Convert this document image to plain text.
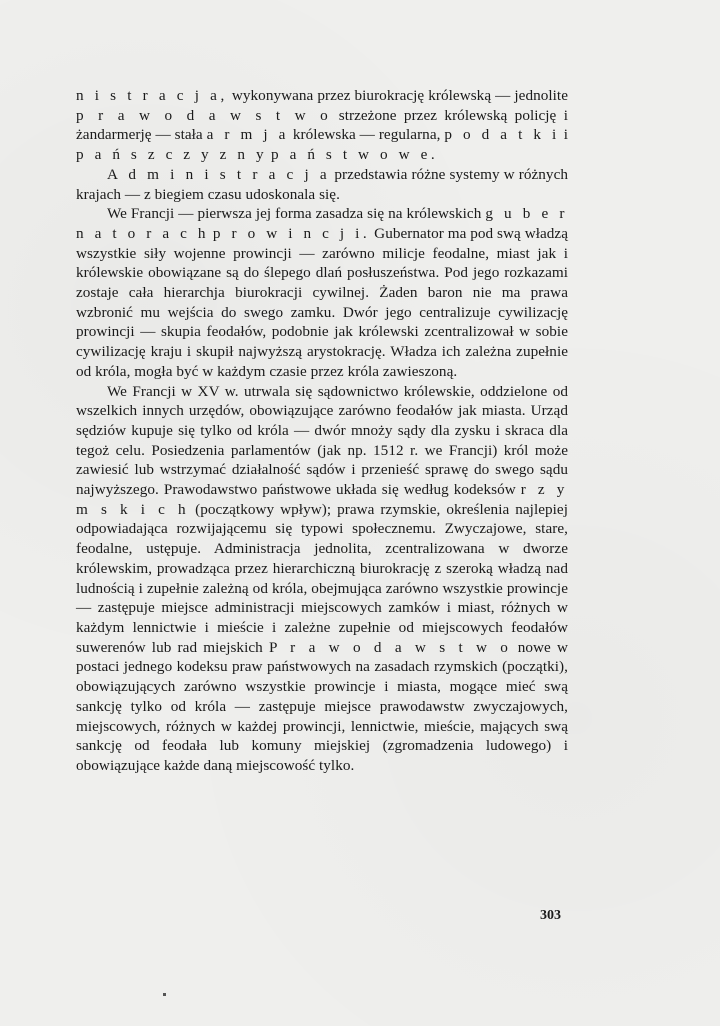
n i s t r a c j a, wykonywana przez biurokrację królewską — jednolite p r a w o d a w s t w o strzeżone przez królewską policję i żandarmerję — stała a r m j a królewska — regularna, p o d a t k i i p a ń s z c z y z n y p a ń s t w o w e.

A d m i n i s t r a c j a przedstawia różne systemy w różnych krajach — z biegiem czasu udoskonala się.

We Francji — pierwsza jej forma zasadza się na królewskich g u b e r n a t o r a c h p r o w i n c j i. Gubernator ma pod swą władzą wszystkie siły wojenne prowincji — zarówno milicje feodalne, miast jak i królewskie obowiązane są do ślepego dlań posłuszeństwa. Pod jego rozkazami zostaje cała hierarchja biurokracji cywilnej. Żaden baron nie ma prawa wzbronić mu wejścia do swego zamku. Dwór jego centralizuje cywilizację prowincji — skupia feodałów, podobnie jak królewski zcentralizował w sobie cywilizację kraju i skupił najwyższą arystokrację. Władza ich zależna zupełnie od króla, mogła być w każdym czasie przez króla zawieszoną.

We Francji w XV w. utrwala się sądownictwo królewskie, oddzielone od wszelkich innych urzędów, obowiązujące zarówno feodałów jak miasta. Urząd sędziów kupuje się tylko od króla — dwór mnoży sądy dla zysku i skraca dla tegoż celu. Posiedzenia parlamentów (jak np. 1512 r. we Francji) król może zawiesić lub wstrzymać działalność sądów i przenieść sprawę do swego sądu najwyższego. Prawodawstwo państwowe układa się według kodeksów r z y m s k i c h (początkowy wpływ); prawa rzymskie, określenia najlepiej odpowiadająca rozwijającemu się typowi społecznemu. Zwyczajowe, stare, feodalne, ustępuje. Administracja jednolita, zcentralizowana w dworze królewskim, prowadząca przez hierarchiczną biurokrację z szeroką władzą nad ludnością i zupełnie zależną od króla, obejmująca zarówno wszystkie prowincje — zastępuje miejsce administracji miejscowych zamków i miast, różnych w każdym lennictwie i mieście i zależne zupełnie od miejscowych feodałów suwerenów lub rad miejskich P r a w o d a w s t w o nowe w postaci jednego kodeksu praw państwowych na zasadach rzymskich (początki), obowiązujących zarówno wszystkie prowincje i miasta, mogące mieć swą sankcję tylko od króla — zastępuje miejsce prawodawstw zwyczajowych, miejscowych, różnych w każdej prowincji, lennictwie, mieście, mających swą sankcję od feodała lub komuny miejskiej (zgromadzenia ludowego) i obowiązujące każde daną miejscowość tylko.

303
